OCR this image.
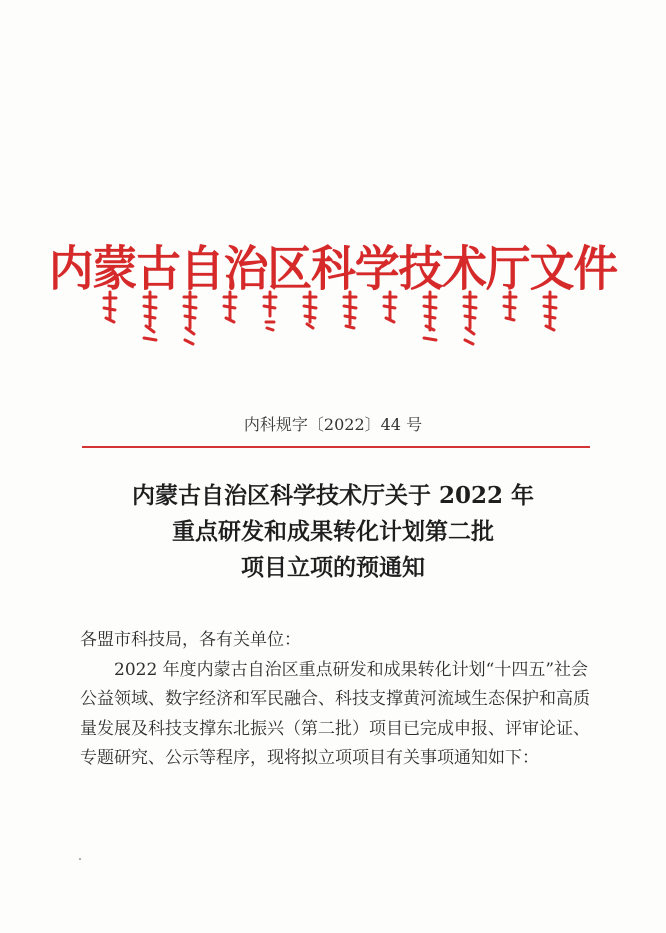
内蒙古自治区科学技术厅文件
内科规字〔2022〕44 号
内蒙古自治区科学技术厅关于 2022 年
重点研发和成果转化计划第二批
项目立项的预通知

各盟市科技局，各有关单位：

2022 年度内蒙古自治区重点研发和成果转化计划“十四五”社会公益领域、数字经济和军民融合、科技支撑黄河流域生态保护和高质量发展及科技支撑东北振兴（第二批）项目已完成申报、评审论证、专题研究、公示等程序，现将拟立项项目有关事项通知如下：
